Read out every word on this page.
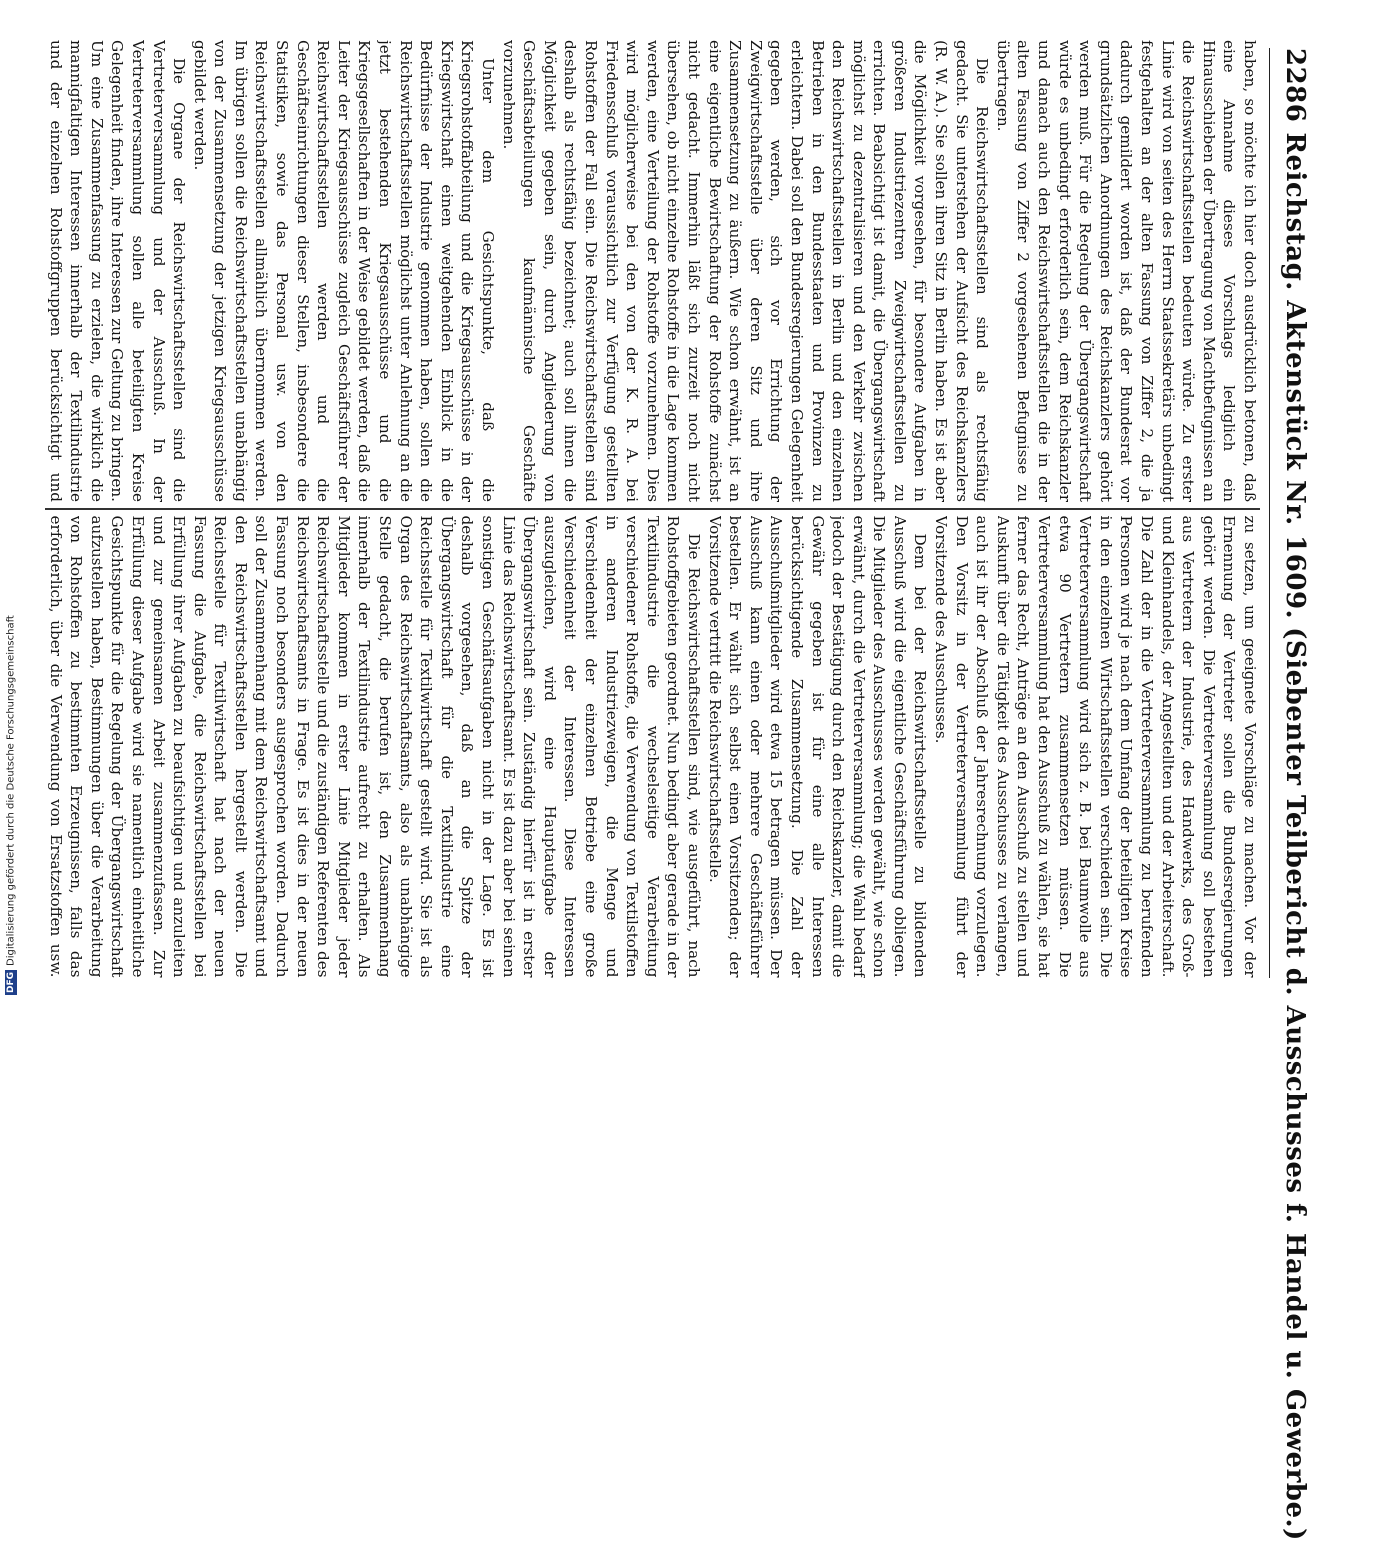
2286
Reichstag. Aktenstück Nr. 1609.
(Siebenter Teilbericht d. Ausschusses f. Handel u. Gewerbe.)

haben, so möchte ich hier doch ausdrücklich betonen, daß eine Annahme dieses Vorschlags lediglich ein Hinausschieben der Übertragung von Machtbefugnissen an die Reichswirtschaftsstellen bedeuten würde. Zu erster Linie wird von seiten des Herrn Staatssekretärs unbedingt festgehalten an der alten Fassung von Ziffer 2, die ja dadurch gemildert worden ist, daß der Bundesrat vor grundsätzlichen Anordnungen des Reichskanzlers gehört werden muß. Für die Regelung der Übergangswirtschaft würde es unbedingt erforderlich sein, dem Reichskanzler und danach auch den Reichswirtschaftsstellen die in der alten Fassung von Ziffer 2 vorgesehenen Befugnisse zu übertragen.

Die Reichswirtschaftsstellen sind als rechtsfähig gedacht. Sie unterstehen der Aufsicht des Reichskanzlers (R. W. A.). Sie sollen ihren Sitz in Berlin haben. Es ist aber die Möglichkeit vorgesehen, für besondere Aufgaben in größeren Industriezentren Zweigwirtschaftsstellen zu errichten. Beabsichtigt ist damit, die Übergangswirtschaft möglichst zu dezentralisieren und den Verkehr zwischen den Reichswirtschaftsstellen in Berlin und den einzelnen Betrieben in den Bundesstaaten und Provinzen zu erleichtern. Dabei soll den Bundesregierungen Gelegenheit gegeben werden, sich vor Errichtung der Zweigwirtschaftsstelle über deren Sitz und ihre Zusammensetzung zu äußern. Wie schon erwähnt, ist an eine eigentliche Bewirtschaftung der Rohstoffe zunächst nicht gedacht. Immerhin läßt sich zurzeit noch nicht übersehen, ob nicht einzelne Rohstoffe in die Lage kommen werden, eine Verteilung der Rohstoffe vorzunehmen. Dies wird möglicherweise bei den von der K. R. A. bei Friedensschluß voraussichtlich zur Verfügung gestellten Rohstoffen der Fall sein. Die Reichswirtschaftsstellen sind deshalb als rechtsfähig bezeichnet; auch soll ihnen die Möglichkeit gegeben sein, durch Angliederung von Geschäftsabteilungen kaufmännische Geschäfte vorzunehmen.

Unter dem Gesichtspunkte, daß die Kriegsrohstoffabteilung und die Kriegsausschüsse in der Kriegswirtschaft einen weitgehenden Einblick in die Bedürfnisse der Industrie genommen haben, sollen die Reichswirtschaftsstellen möglichst unter Anlehnung an die jetzt bestehenden Kriegsausschüsse und die Kriegsgesellschaften in der Weise gebildet werden, daß die Leiter der Kriegsausschüsse zugleich Geschäftsführer der Reichswirtschaftsstellen werden und die Geschäftseinrichtungen dieser Stellen, insbesondere die Statistiken, sowie das Personal usw. von den Reichswirtschaftsstellen allmählich übernommen werden. Im übrigen sollen die Reichswirtschaftsstellen unabhängig von der Zusammensetzung der jetzigen Kriegsausschüsse gebildet werden.

Die Organe der Reichswirtschaftsstellen sind die Vertreterversammlung und der Ausschuß. In der Vertreterversammlung sollen alle beteiligten Kreise Gelegenheit finden, ihre Interessen zur Geltung zu bringen. Um eine Zusammenfassung zu erzielen, die wirklich die mannigfaltigen Interessen innerhalb der Textilindustrie und der einzelnen Rohstoffgruppen berücksichtigt und

zu setzen, um geeignete Vorschläge zu machen. Vor der Ernennung der Vertreter sollen die Bundesregierungen gehört werden. Die Vertreterversammlung soll bestehen aus Vertretern der Industrie, des Handwerks, des Groß- und Kleinhandels, der Angestellten und der Arbeiterschaft. Die Zahl der in die Vertreterversammlung zu berufenden Personen wird je nach dem Umfang der beteiligten Kreise in den einzelnen Wirtschaftsstellen verschieden sein. Die Vertreterversammlung wird sich z. B. bei Baumwolle aus etwa 90 Vertretern zusammensetzen müssen. Die Vertreterversammlung hat den Ausschuß zu wählen, sie hat ferner das Recht, Anträge an den Ausschuß zu stellen und Auskunft über die Tätigkeit des Ausschusses zu verlangen, auch ist ihr der Abschluß der Jahresrechnung vorzulegen. Den Vorsitz in der Vertreterversammlung führt der Vorsitzende des Ausschusses.

Dem bei der Reichswirtschaftsstelle zu bildenden Ausschuß wird die eigentliche Geschäftsführung obliegen. Die Mitglieder des Ausschusses werden gewählt, wie schon erwähnt, durch die Vertreterversammlung; die Wahl bedarf jedoch der Bestätigung durch den Reichskanzler, damit die Gewähr gegeben ist für eine alle Interessen berücksichtigende Zusammensetzung. Die Zahl der Ausschußmitglieder wird etwa 15 betragen müssen. Der Ausschuß kann einen oder mehrere Geschäftsführer bestellen. Er wählt sich selbst einen Vorsitzenden; der Vorsitzende vertritt die Reichswirtschaftsstelle.

Die Reichswirtschaftsstellen sind, wie ausgeführt, nach Rohstoffgebieten geordnet. Nun bedingt aber gerade in der Textilindustrie die wechselseitige Verarbeitung verschiedener Rohstoffe, die Verwendung von Textilstoffen in anderen Industriezweigen, die Menge und Verschiedenheit der einzelnen Betriebe eine große Verschiedenheit der Interessen. Diese Interessen auszugleichen, wird eine Hauptaufgabe der Übergangswirtschaft sein. Zuständig hierfür ist in erster Linie das Reichswirtschaftsamt. Es ist dazu aber bei seinen sonstigen Geschäftsaufgaben nicht in der Lage. Es ist deshalb vorgesehen, daß an die Spitze der Übergangswirtschaft für die Textilindustrie eine Reichsstelle für Textilwirtschaft gestellt wird. Sie ist als Organ des Reichswirtschaftsamts, also als unabhängige Stelle gedacht, die berufen ist, den Zusammenhang innerhalb der Textilindustrie aufrecht zu erhalten. Als Mitglieder kommen in erster Linie Mitglieder jeder Reichswirtschaftsstelle und die zuständigen Referenten des Reichswirtschaftsamts in Frage. Es ist dies in der neuen Fassung noch besonders ausgesprochen worden. Dadurch soll der Zusammenhang mit dem Reichswirtschaftsamt und den Reichswirtschaftsstellen hergestellt werden. Die Reichsstelle für Textilwirtschaft hat nach der neuen Fassung die Aufgabe, die Reichswirtschaftsstellen bei Erfüllung ihrer Aufgaben zu beaufsichtigen und anzuleiten und zur gemeinsamen Arbeit zusammenzufassen. Zur Erfüllung dieser Aufgabe wird sie namentlich einheitliche Gesichtspunkte für die Regelung der Übergangswirtschaft aufzustellen haben, Bestimmungen über die Verarbeitung von Rohstoffen zu bestimmten Erzeugnissen, falls das erforderlich, über die Verwendung von Ersatzstoffen usw.

DFG
Digitalisierung gefördert durch die Deutsche Forschungsgemeinschaft
